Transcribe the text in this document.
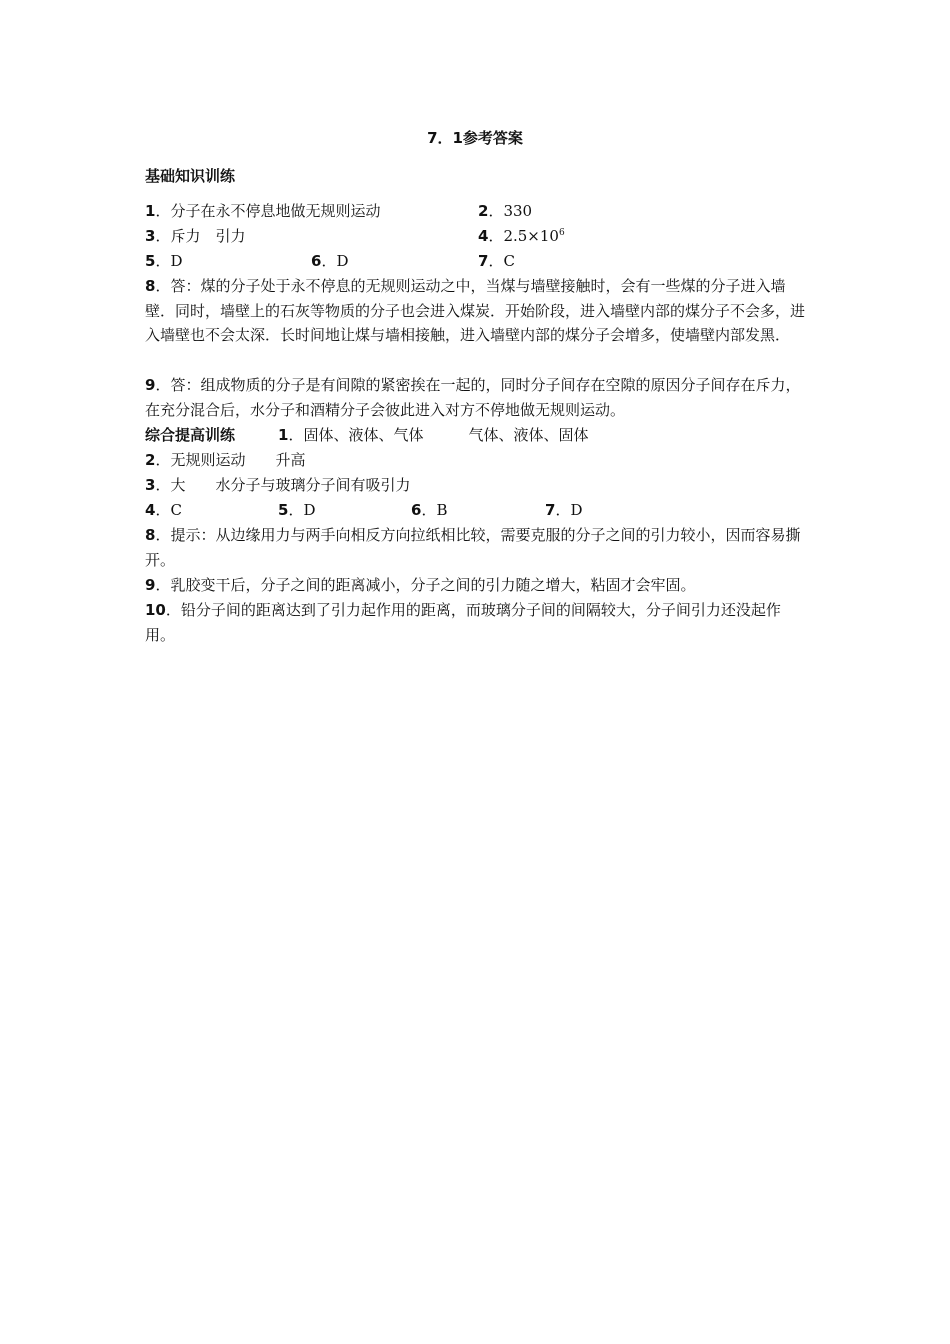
7．1参考答案
基础知识训练
1．分子在永不停息地做无规则运动	2．330
3．斥力　引力	4．$2.5\times 10^6$
5．D	6．D	7．C
8．答：煤的分子处于永不停息的无规则运动之中，当煤与墙壁接触时，会有一些煤的分子进入墙壁．同时，墙壁上的石灰等物质的分子也会进入煤炭．开始阶段，进入墙壁内部的煤分子不会多，进入墙壁也不会太深．长时间地让煤与墙相接触，进入墙壁内部的煤分子会增多，使墙壁内部发黑．
9．答：组成物质的分子是有间隙的紧密挨在一起的，同时分子间存在空隙的原因分子间存在斥力，在充分混合后，水分子和酒精分子会彼此进入对方不停地做无规则运动。
综合提高训练	1．固体、液体、气体　　　气体、液体、固体
2．无规则运动　　升高
3．大　　水分子与玻璃分子间有吸引力
4．C	5．D	6．B	7．D
8．提示：从边缘用力与两手向相反方向拉纸相比较，需要克服的分子之间的引力较小，因而容易撕开。
9．乳胶变干后，分子之间的距离减小，分子之间的引力随之增大，粘固才会牢固。
10．铅分子间的距离达到了引力起作用的距离，而玻璃分子间的间隔较大，分子间引力还没起作用。
